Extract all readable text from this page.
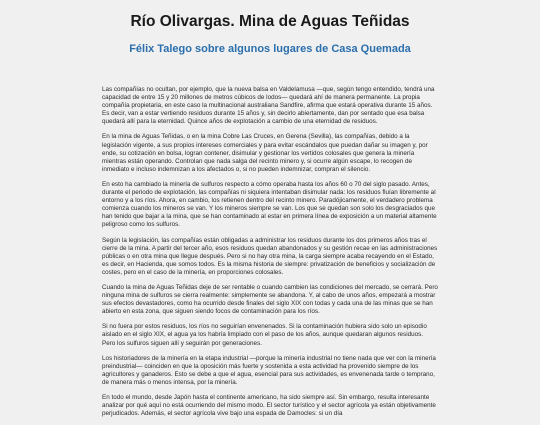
Río Olivargas. Mina de Aguas Teñidas
Félix Talego sobre algunos lugares de Casa Quemada

Las compañías no ocultan, por ejemplo, que la nueva balsa en Valdelamusa —que, según tengo entendido, tendrá una capacidad de entre 15 y 20 millones de metros cúbicos de lodos— quedará ahí de manera permanente. La propia compañía propietaria, en este caso la multinacional australiana Sandfire, afirma que estará operativa durante 15 años. Es decir, van a estar vertiendo residuos durante 15 años y, sin decirlo abiertamente, dan por sentado que esa balsa quedará allí para la eternidad. Quince años de explotación a cambio de una eternidad de residuos.

En la mina de Aguas Teñidas, o en la mina Cobre Las Cruces, en Gerena (Sevilla), las compañías, debido a la legislación vigente, a sus propios intereses comerciales y para evitar escándalos que puedan dañar su imagen y, por ende, su cotización en bolsa, logran contener, disimular y gestionar los vertidos colosales que genera la minería mientras están operando. Controlan que nada salga del recinto minero y, si ocurre algún escape, lo recogen de inmediato e incluso indemnizan a los afectados o, si no pueden indemnizar, compran el silencio.

En esto ha cambiado la minería de sulfuros respecto a cómo operaba hasta los años 60 o 70 del siglo pasado. Antes, durante el periodo de explotación, las compañías ni siquiera intentaban disimular nada: los residuos fluían libremente al entorno y a los ríos. Ahora, en cambio, los retienen dentro del recinto minero. Paradójicamente, el verdadero problema comienza cuando los mineros se van. Y los mineros siempre se van. Los que se quedan son solo los desgraciados que han tenido que bajar a la mina, que se han contaminado al estar en primera línea de exposición a un material altamente peligroso como los sulfuros.

Según la legislación, las compañías están obligadas a administrar los residuos durante los dos primeros años tras el cierre de la mina. A partir del tercer año, esos residuos quedan abandonados y su gestión recae en las administraciones públicas o en otra mina que llegue después. Pero si no hay otra mina, la carga siempre acaba recayendo en el Estado, es decir, en Hacienda, que somos todos. Es la misma historia de siempre: privatización de beneficios y socialización de costes, pero en el caso de la minería, en proporciones colosales.

Cuando la mina de Aguas Teñidas deje de ser rentable o cuando cambien las condiciones del mercado, se cerrará. Pero ninguna mina de sulfuros se cierra realmente: simplemente se abandona. Y, al cabo de unos años, empezará a mostrar sus efectos devastadores, como ha ocurrido desde finales del siglo XIX con todas y cada una de las minas que se han abierto en esta zona, que siguen siendo focos de contaminación para los ríos.

Si no fuera por estos residuos, los ríos no seguirían envenenados. Si la contaminación hubiera sido solo un episodio aislado en el siglo XIX, el agua ya los habría limpiado con el paso de los años, aunque quedaran algunos residuos. Pero los sulfuros siguen allí y seguirán por generaciones.

Los historiadores de la minería en la etapa industrial —porque la minería industrial no tiene nada que ver con la minería preindustrial— coinciden en que la oposición más fuerte y sostenida a esta actividad ha provenido siempre de los agricultores y ganaderos. Esto se debe a que el agua, esencial para sus actividades, es envenenada tarde o temprano, de manera más o menos intensa, por la minería.

En todo el mundo, desde Japón hasta el continente americano, ha sido siempre así. Sin embargo, resulta interesante analizar por qué aquí no está ocurriendo del mismo modo. El sector turístico y el sector agrícola ya están objetivamente perjudicados. Además, el sector agrícola vive bajo una espada de Damocles: si un día
